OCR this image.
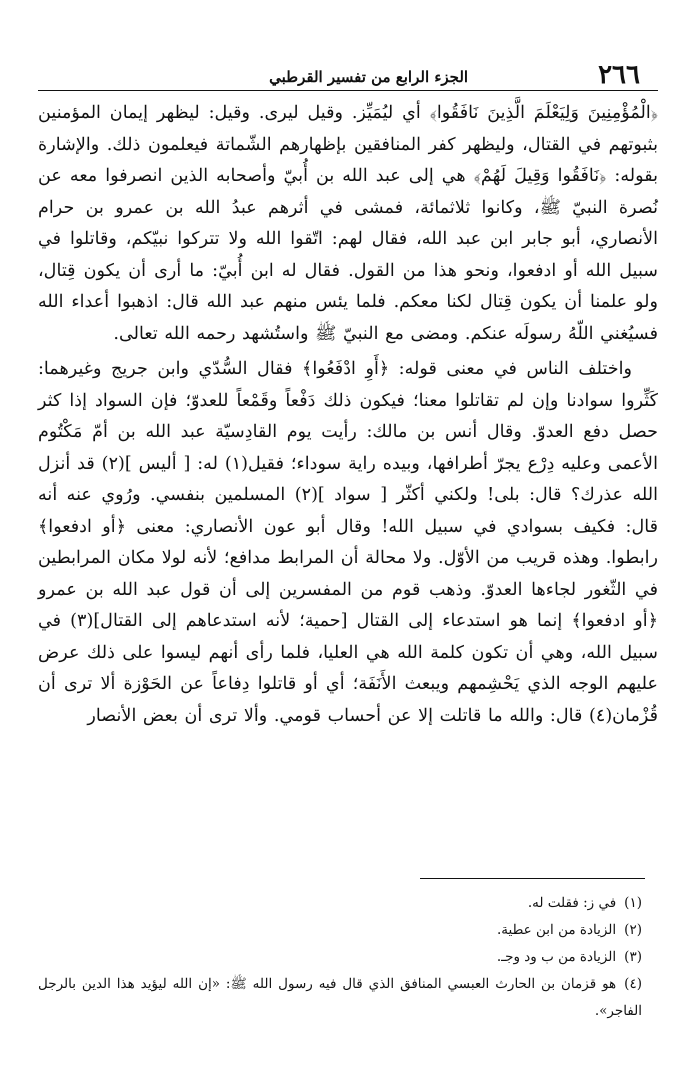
٢٦٦
الجزء الرابع من تفسير القرطبي

﴿الْمُؤْمِنِينَ وَلِيَعْلَمَ الَّذِينَ نَافَقُوا﴾ أي ليُمَيِّز. وقيل ليرى. وقيل: ليظهر إيمان المؤمنين بثبوتهم في القتال، وليظهر كفر المنافقين بإظهارهم الشّماتة فيعلمون ذلك. والإشارة بقوله: ﴿نَافَقُوا وَقِيلَ لَهُمْ﴾ هي إلى عبد الله بن أُبيّ وأصحابه الذين انصرفوا معه عن نُصرة النبيّ ﷺ، وكانوا ثلاثمائة، فمشى في أثرهم عبدُ الله بن عمرو بن حرام الأنصاري، أبو جابر ابن عبد الله، فقال لهم: اتّقوا الله ولا تتركوا نبيّكم، وقاتلوا في سبيل الله أو ادفعوا، ونحو هذا من القول. فقال له ابن أُبيّ: ما أرى أن يكون قِتال، ولو علمنا أن يكون قِتال لكنا معكم. فلما يئس منهم عبد الله قال: اذهبوا أعداء الله فسيُغني اللّهُ رسولَه عنكم. ومضى مع النبيّ ﷺ واستُشهد رحمه الله تعالى.

واختلف الناس في معنى قوله: ﴿أَوِ ادْفَعُوا﴾ فقال السُّدّي وابن جريج وغيرهما: كَثِّروا سوادنا وإن لم تقاتلوا معنا؛ فيكون ذلك دَفْعاً وقَمْعاً للعدوّ؛ فإن السواد إذا كثر حصل دفع العدوّ. وقال أنس بن مالك: رأيت يوم القادِسيّة عبد الله بن أمّ مَكْتُوم الأعمى وعليه دِرْع يجرّ أطرافها، وبيده راية سوداء؛ فقيل(١) له: [ أليس ](٢) قد أنزل الله عذرك؟ قال: بلى! ولكني أكثّر [ سواد ](٢) المسلمين بنفسي. ورُوي عنه أنه قال: فكيف بسوادي في سبيل الله! وقال أبو عون الأنصاري: معنى ﴿أو ادفعوا﴾ رابطوا. وهذه قريب من الأوّل. ولا محالة أن المرابط مدافع؛ لأنه لولا مكان المرابطين في الثّغور لجاءها العدوّ. وذهب قوم من المفسرين إلى أن قول عبد الله بن عمرو ﴿أو ادفعوا﴾ إنما هو استدعاء إلى القتال [حمية؛ لأنه استدعاهم إلى القتال](٣) في سبيل الله، وهي أن تكون كلمة الله هي العليا، فلما رأى أنهم ليسوا على ذلك عرض عليهم الوجه الذي يَحْشِمهم ويبعث الأَنَفَة؛ أي أو قاتلوا دِفاعاً عن الحَوْزة ألا ترى أن قُزْمان(٤) قال: والله ما قاتلت إلا عن أحساب قومي. وألا ترى أن بعض الأنصار

(١)في ز: فقلت له.

(٢)الزيادة من ابن عطية.

(٣)الزيادة من ب ود وجـ.

(٤)هو قزمان بن الحارث العبسي المنافق الذي قال فيه رسول الله ﷺ: «إن الله ليؤيد هذا الدين بالرجل الفاجر».
